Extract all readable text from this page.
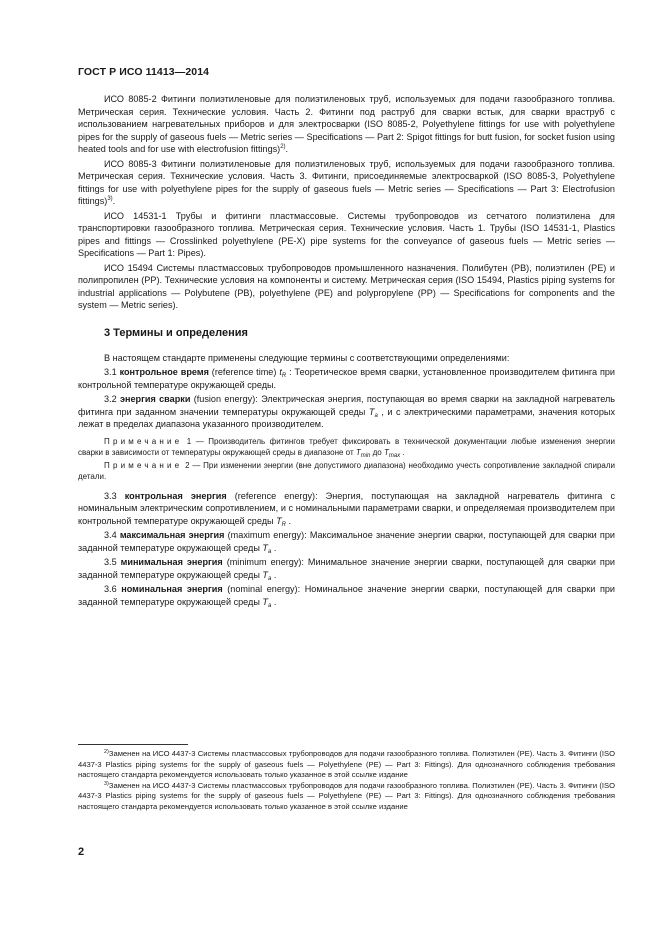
ГОСТ Р ИСО 11413—2014

ИСО 8085-2 Фитинги полиэтиленовые для полиэтиленовых труб, используемых для подачи газообразного топлива. Метрическая серия. Технические условия. Часть 2. Фитинги под раструб для сварки встык, для сварки враструб с использованием нагревательных приборов и для электросварки (ISO 8085-2, Polyethylene fittings for use with polyethylene pipes for the supply of gaseous fuels — Metric series — Specifications — Part 2: Spigot fittings for butt fusion, for socket fusion using heated tools and for use with electrofusion fittings)$^{2)}$.

ИСО 8085-3 Фитинги полиэтиленовые для полиэтиленовых труб, используемых для подачи газообразного топлива. Метрическая серия. Технические условия. Часть 3. Фитинги, присоединяемые электросваркой (ISO 8085-3, Polyethylene fittings for use with polyethylene pipes for the supply of gaseous fuels — Metric series — Specifications — Part 3: Electrofusion fittings)$^{3)}$.

ИСО 14531-1 Трубы и фитинги пластмассовые. Системы трубопроводов из сетчатого полиэтилена для транспортировки газообразного топлива. Метрическая серия. Технические условия. Часть 1. Трубы (ISO 14531-1, Plastics pipes and fittings — Crosslinked polyethylene (PE-X) pipe systems for the conveyance of gaseous fuels — Metric series — Specifications — Part 1: Pipes).

ИСО 15494 Системы пластмассовых трубопроводов промышленного назначения. Полибутен (PB), полиэтилен (PE) и полипропилен (PP). Технические условия на компоненты и систему. Метрическая серия (ISO 15494, Plastics piping systems for industrial applications — Polybutene (PB), polyethylene (PE) and polypropylene (PP) — Specifications for components and the system — Metric series).

3 Термины и определения

В настоящем стандарте применены следующие термины с соответствующими определениями:

3.1 контрольное время (reference time) $t_R$ : Теоретическое время сварки, установленное производителем фитинга при контрольной температуре окружающей среды.

3.2 энергия сварки (fusion energy): Электрическая энергия, поступающая во время сварки на закладной нагреватель фитинга при заданном значении температуры окружающей среды $T_a$ , и с электрическими параметрами, значения которых лежат в пределах диапазона указанного производителем.

Примечание 1 — Производитель фитингов требует фиксировать в технической документации любые изменения энергии сварки в зависимости от температуры окружающей среды в диапазоне от $T_{min}$ до $T_{max}$ .

Примечание 2 — При изменении энергии (вне допустимого диапазона) необходимо учесть сопротивление закладной спирали детали.

3.3 контрольная энергия (reference energy): Энергия, поступающая на закладной нагреватель фитинга с номинальным электрическим сопротивлением, и с номинальными параметрами сварки, и определяемая производителем при контрольной температуре окружающей среды $T_R$ .

3.4 максимальная энергия (maximum energy): Максимальное значение энергии сварки, поступающей для сварки при заданной температуре окружающей среды $T_a$ .

3.5 минимальная энергия (minimum energy): Минимальное значение энергии сварки, поступающей для сварки при заданной температуре окружающей среды $T_a$ .

3.6 номинальная энергия (nominal energy): Номинальное значение энергии сварки, поступающей для сварки при заданной температуре окружающей среды $T_a$ .

$^{2)}$Заменен на ИСО 4437-3 Системы пластмассовых трубопроводов для подачи газообразного топлива. Полиэтилен (PE). Часть 3. Фитинги (ISO 4437-3 Plastics piping systems for the supply of gaseous fuels — Polyethylene (PE) — Part 3: Fittings). Для однозначного соблюдения требования настоящего стандарта рекомендуется использовать только указанное в этой ссылке издание

$^{3)}$Заменен на ИСО 4437-3 Системы пластмассовых трубопроводов для подачи газообразного топлива. Полиэтилен (PE). Часть 3. Фитинги (ISO 4437-3 Plastics piping systems for the supply of gaseous fuels — Polyethylene (PE) — Part 3: Fittings). Для однозначного соблюдения требования настоящего стандарта рекомендуется использовать только указанное в этой ссылке издание

2
